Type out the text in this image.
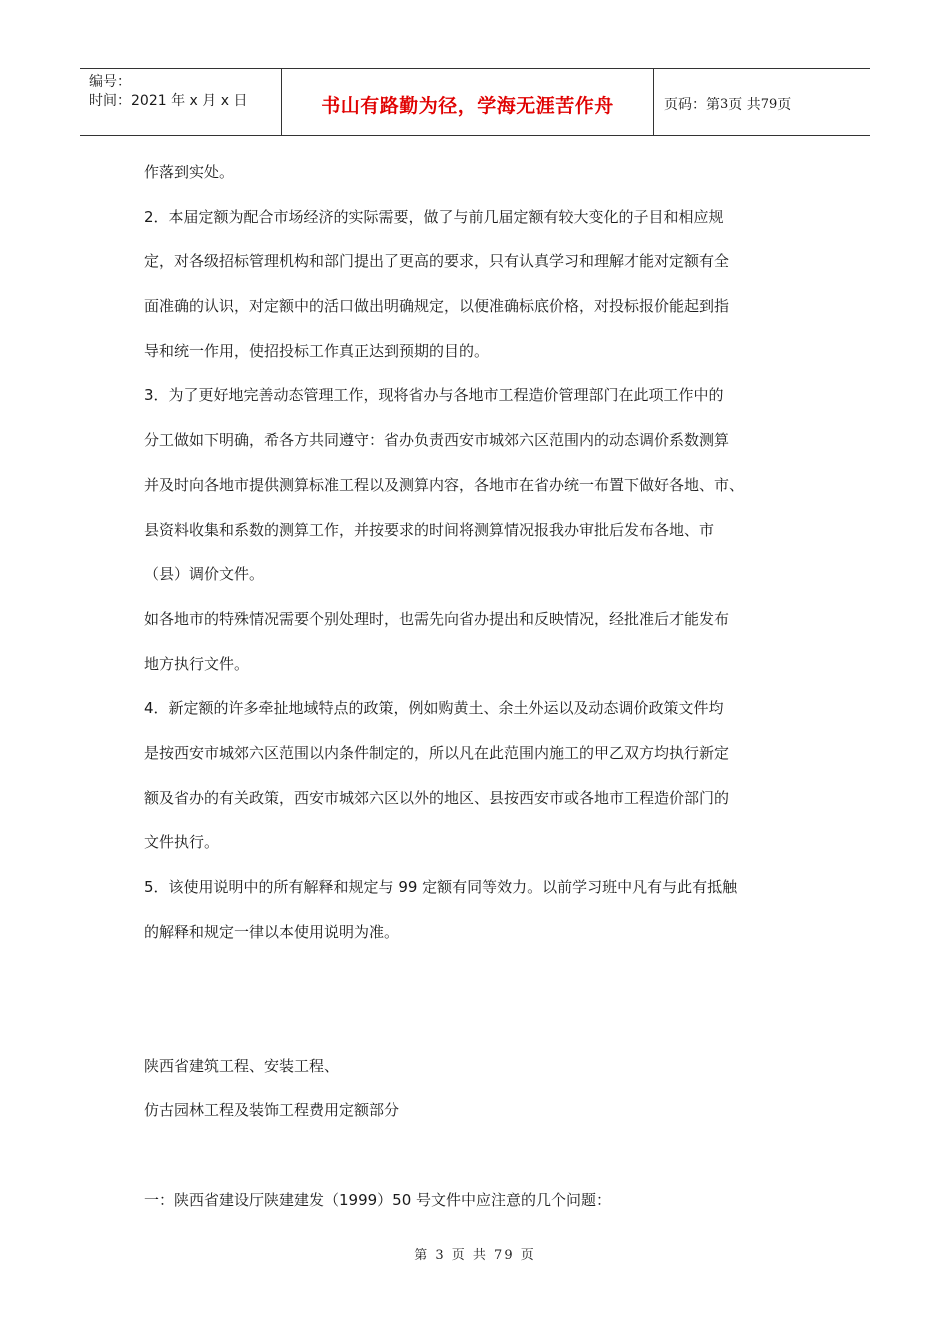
编号：
时间：2021 年 x 月 x 日	书山有路勤为径，学海无涯苦作舟	页码：第 3 页 共 79 页
作落到实处。
2．本届定额为配合市场经济的实际需要，做了与前几届定额有较大变化的子目和相应规
定，对各级招标管理机构和部门提出了更高的要求，只有认真学习和理解才能对定额有全
面准确的认识，对定额中的活口做出明确规定，以便准确标底价格，对投标报价能起到指
导和统一作用，使招投标工作真正达到预期的目的。
3．为了更好地完善动态管理工作，现将省办与各地市工程造价管理部门在此项工作中的
分工做如下明确，希各方共同遵守：省办负责西安市城郊六区范围内的动态调价系数测算
并及时向各地市提供测算标准工程以及测算内容，各地市在省办统一布置下做好各地、市、
县资料收集和系数的测算工作，并按要求的时间将测算情况报我办审批后发布各地、市
（县）调价文件。
如各地市的特殊情况需要个别处理时，也需先向省办提出和反映情况，经批准后才能发布
地方执行文件。
4．新定额的许多牵扯地域特点的政策，例如购黄土、余土外运以及动态调价政策文件均
是按西安市城郊六区范围以内条件制定的，所以凡在此范围内施工的甲乙双方均执行新定
额及省办的有关政策，西安市城郊六区以外的地区、县按西安市或各地市工程造价部门的
文件执行。
5．该使用说明中的所有解释和规定与 99 定额有同等效力。以前学习班中凡有与此有抵触
的解释和规定一律以本使用说明为准。
陕西省建筑工程、安装工程、
仿古园林工程及装饰工程费用定额部分
一：陕西省建设厅陕建建发（1999）50 号文件中应注意的几个问题：
第 3 页 共 79 页
